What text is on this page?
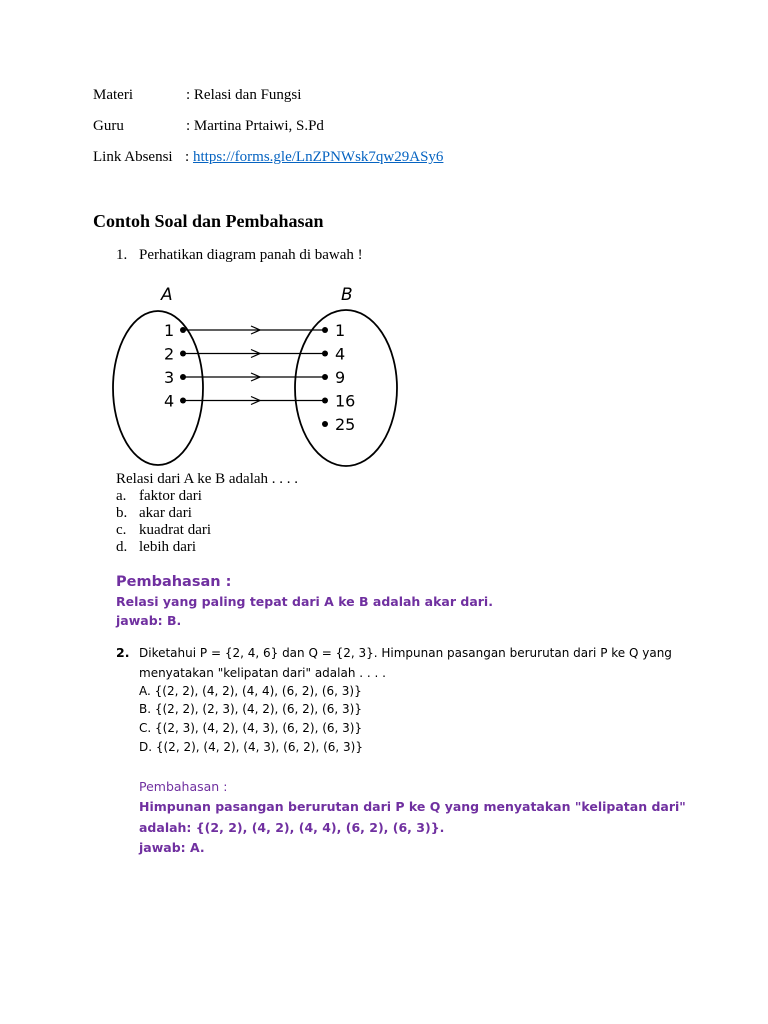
Materi	: Relasi dan Fungsi
Guru	: Martina Prtaiwi, S.Pd
Link Absensi : https://forms.gle/LnZPNWsk7qw29ASy6
Contoh Soal dan Pembahasan
1. Perhatikan diagram panah di bawah !
A	B
1
2
3
4
1
4
9
16
25
Relasi dari A ke B adalah . . . .
a. faktor dari
b. akar dari
c. kuadrat dari
d. lebih dari
Pembahasan :
Relasi yang paling tepat dari A ke B adalah akar dari.
jawab: B.
2. Diketahui P = {2, 4, 6} dan Q = {2, 3}. Himpunan pasangan berurutan dari P ke Q yang
menyatakan "kelipatan dari" adalah . . . .
A. {(2, 2), (4, 2), (4, 4), (6, 2), (6, 3)}
B. {(2, 2), (2, 3), (4, 2), (6, 2), (6, 3)}
C. {(2, 3), (4, 2), (4, 3), (6, 2), (6, 3)}
D. {(2, 2), (4, 2), (4, 3), (6, 2), (6, 3)}
Pembahasan :
Himpunan pasangan berurutan dari P ke Q yang menyatakan "kelipatan dari"
adalah: {(2, 2), (4, 2), (4, 4), (6, 2), (6, 3)}.
jawab: A.
